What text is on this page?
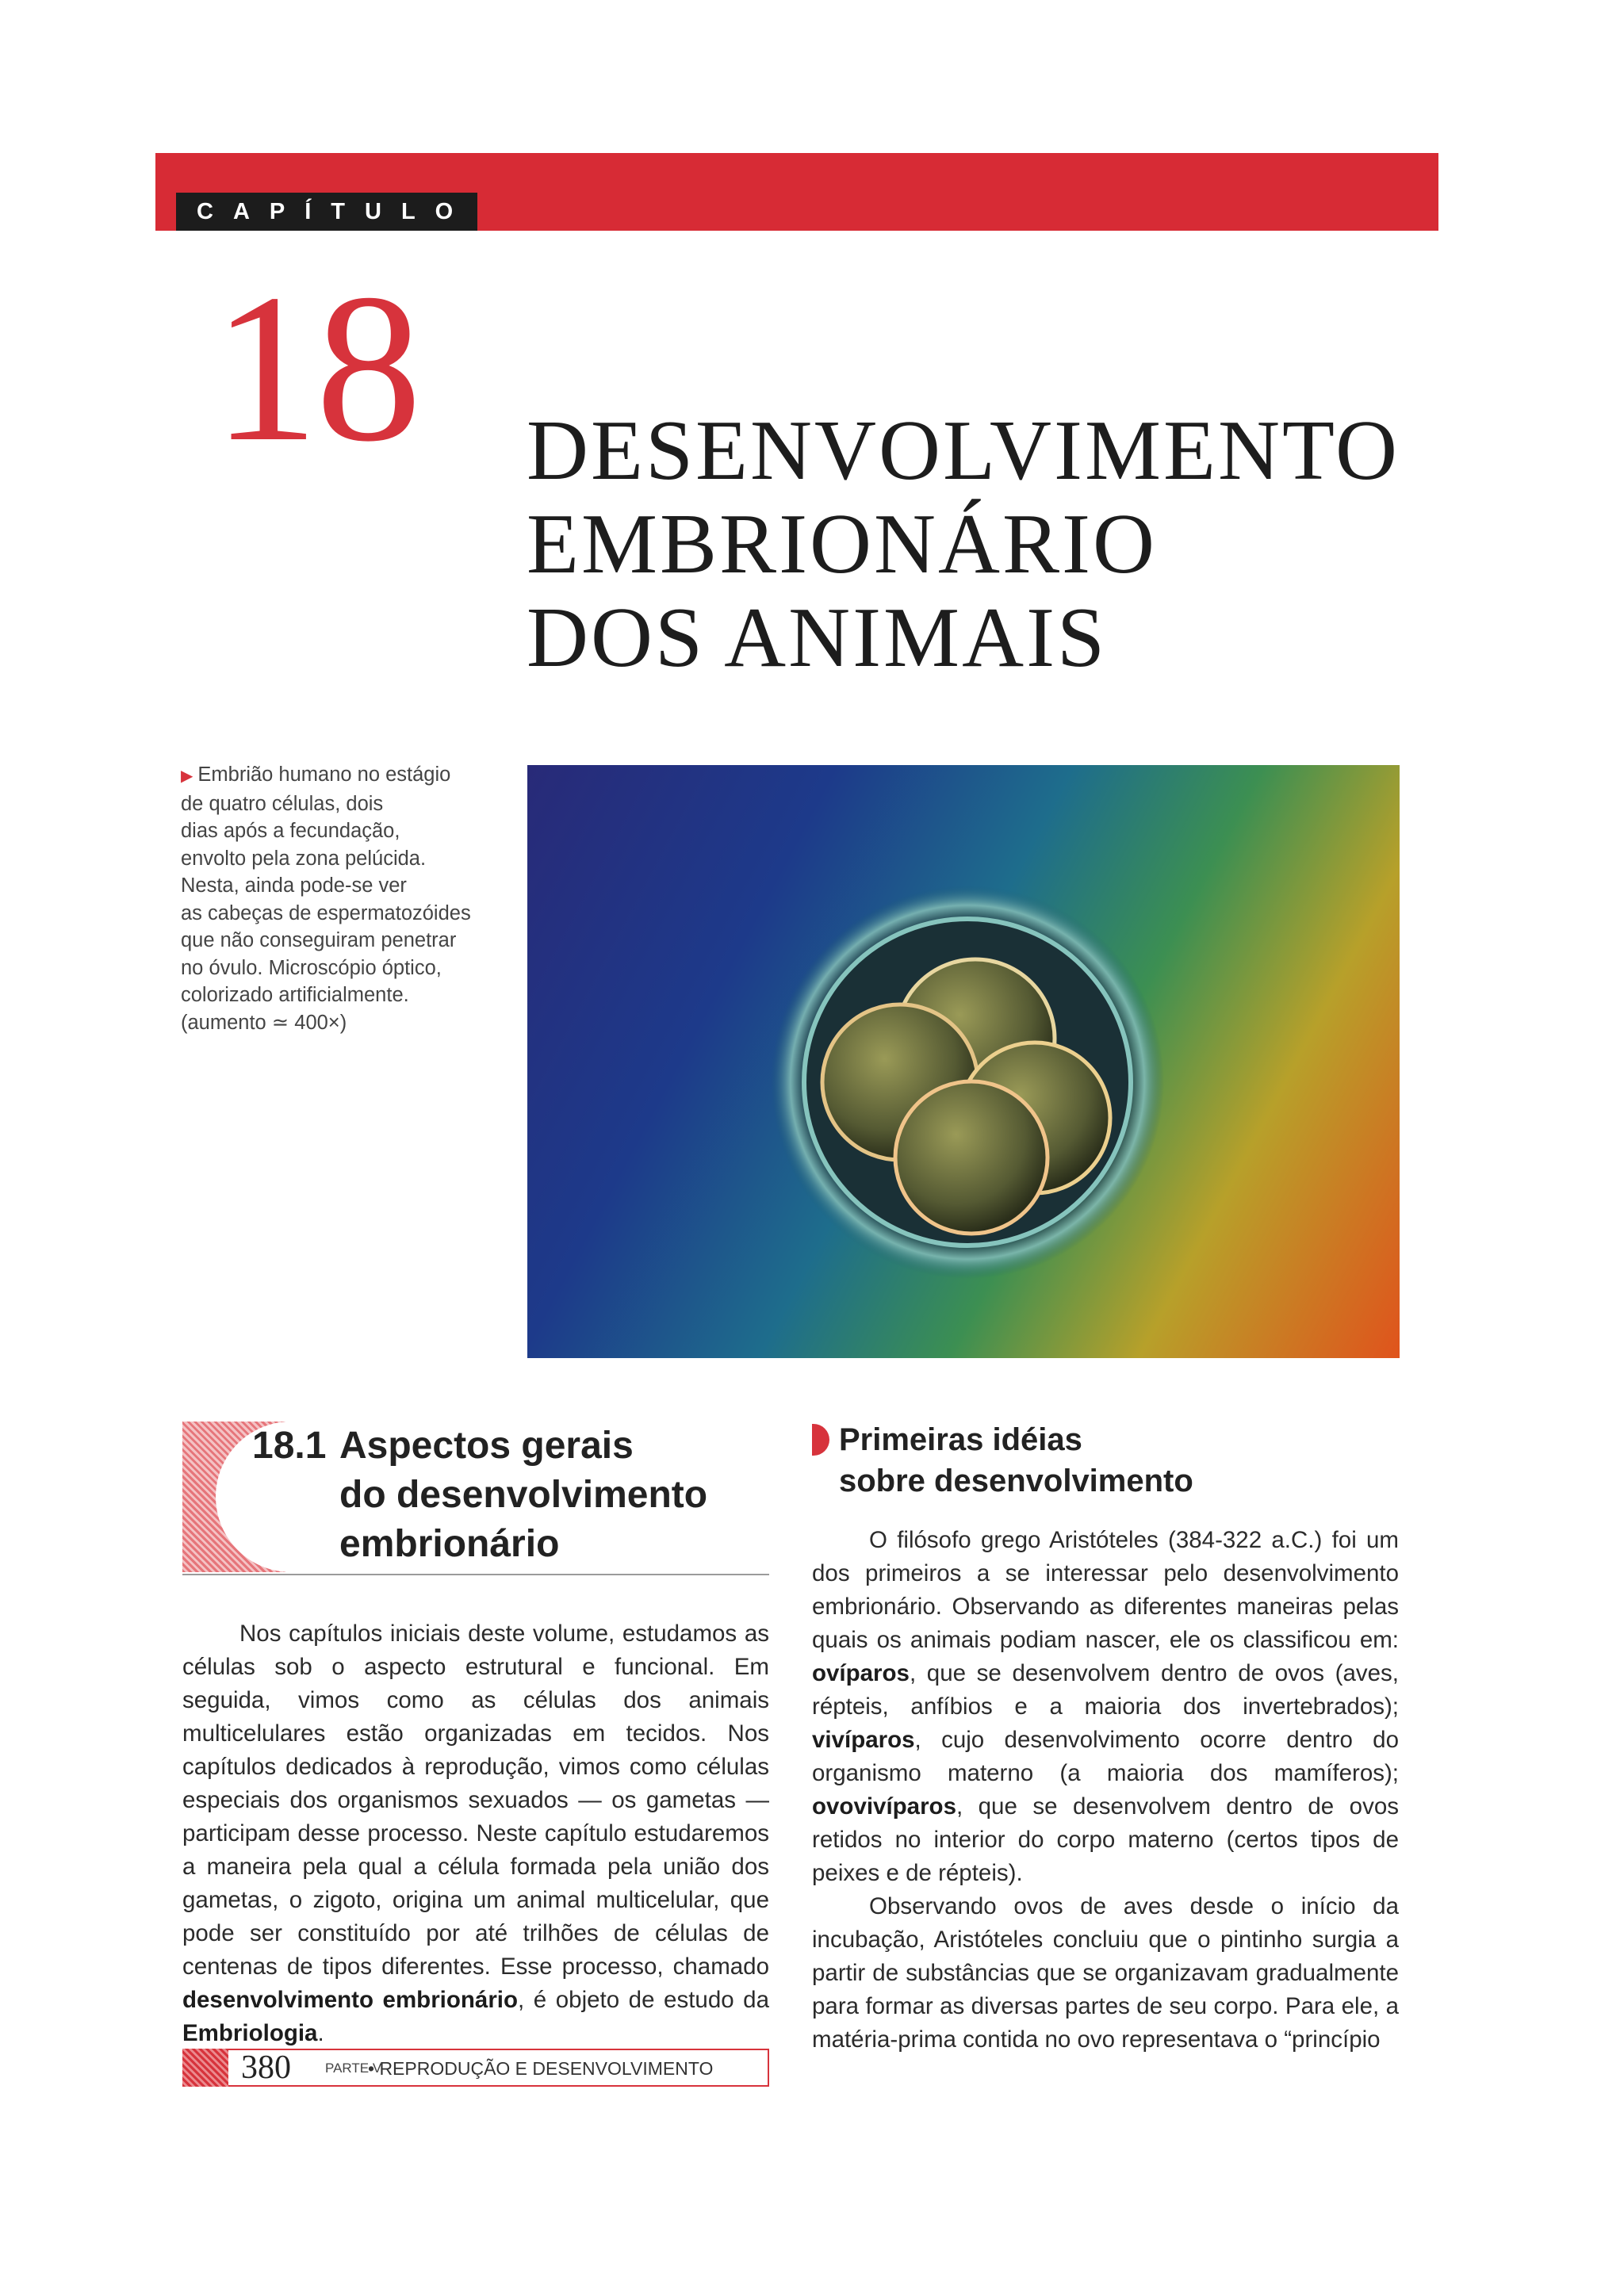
CAPÍTULO
18 DESENVOLVIMENTO
EMBRIONÁRIO
DOS ANIMAIS
▶ Embrião humano no estágio
de quatro células, dois
dias após a fecundação,
envolto pela zona pelúcida.
Nesta, ainda pode-se ver
as cabeças de espermatozóides
que não conseguiram penetrar
no óvulo. Microscópio óptico,
colorizado artificialmente.
(aumento ≃ 400×)
18.1 Aspectos gerais
do desenvolvimento
embrionário

Nos capítulos iniciais deste volume, estudamos as células sob o aspecto estrutural e funcional. Em seguida, vimos como as células dos animais multicelulares estão organizadas em tecidos. Nos capítulos dedicados à reprodução, vimos como células especiais dos organismos sexuados — os gametas — participam desse processo. Neste capítulo estudaremos a maneira pela qual a célula formada pela união dos gametas, o zigoto, origina um animal multicelular, que pode ser constituído por até trilhões de células de centenas de tipos diferentes. Esse processo, chamado desenvolvimento embrionário, é objeto de estudo da Embriologia.

Primeiras idéias
sobre desenvolvimento

O filósofo grego Aristóteles (384-322 a.C.) foi um dos primeiros a se interessar pelo desenvolvimento embrionário. Observando as diferentes maneiras pelas quais os animais podiam nascer, ele os classificou em: ovíparos, que se desenvolvem dentro de ovos (aves, répteis, anfíbios e a maioria dos invertebrados); vivíparos, cujo desenvolvimento ocorre dentro do organismo materno (a maioria dos mamíferos); ovovivíparos, que se desenvolvem dentro de ovos retidos no interior do corpo materno (certos tipos de peixes e de répteis).

Observando ovos de aves desde o início da incubação, Aristóteles concluiu que o pintinho surgia a partir de substâncias que se organizavam gradualmente para formar as diversas partes de seu corpo. Para ele, a matéria-prima contida no ovo representava o “princípio

380	PARTE V
• REPRODUÇÃO E DESENVOLVIMENTO
